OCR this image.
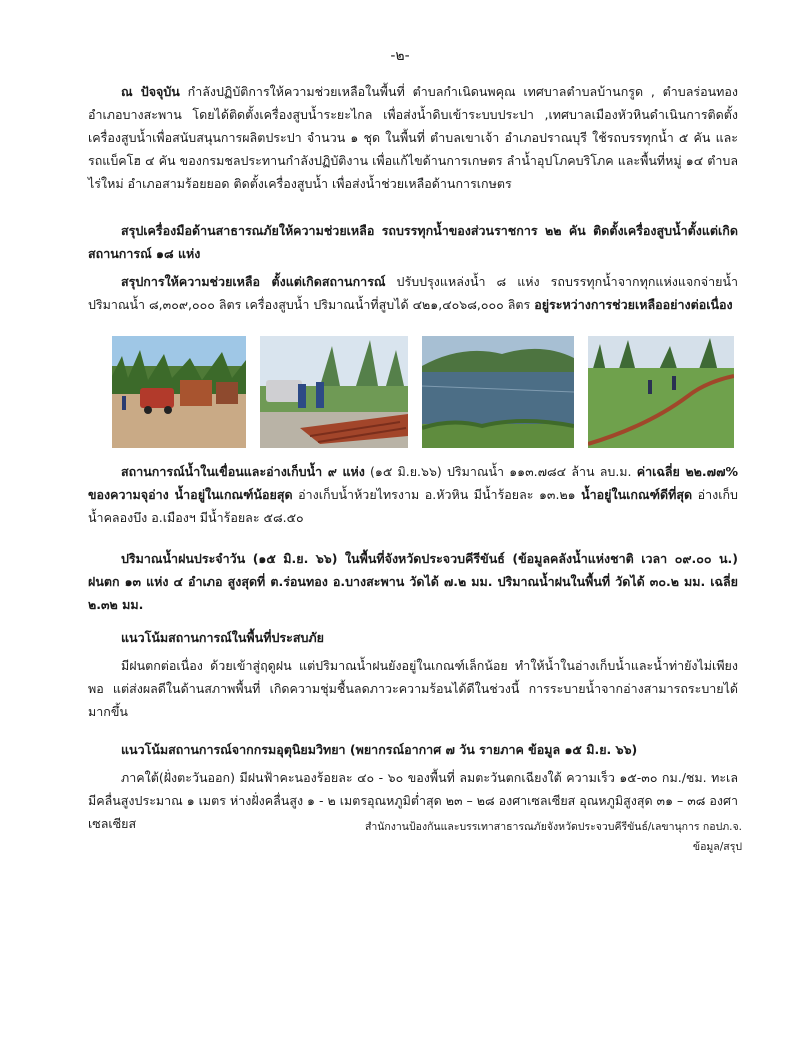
-๒-

ณ ปัจจุบัน กำลังปฏิบัติการให้ความช่วยเหลือในพื้นที่ ตำบลกำเนิดนพคุณ เทศบาลตำบลบ้านกรูด , ตำบลร่อนทอง อำเภอบางสะพาน โดยได้ติดตั้งเครื่องสูบน้ำระยะไกล เพื่อส่งน้ำดิบเข้าระบบประปา ,เทศบาลเมืองหัวหินดำเนินการติดตั้งเครื่องสูบน้ำเพื่อสนับสนุนการผลิตประปา จำนวน ๑ ชุด ในพื้นที่ ตำบลเขาเจ้า อำเภอปราณบุรี ใช้รถบรรทุกน้ำ ๕ คัน และรถแบ็คโฮ ๔ คัน ของกรมชลประทานกำลังปฏิบัติงาน เพื่อแก้ไขด้านการเกษตร ลำน้ำอุปโภคบริโภค และพื้นที่หมู่ ๑๔ ตำบลไร่ใหม่ อำเภอสามร้อยยอด ติดตั้งเครื่องสูบน้ำ เพื่อส่งน้ำช่วยเหลือด้านการเกษตร

สรุปเครื่องมือด้านสาธารณภัยให้ความช่วยเหลือ รถบรรทุกน้ำของส่วนราชการ ๒๒ คัน ติดตั้งเครื่องสูบน้ำตั้งแต่เกิดสถานการณ์ ๑๘ แห่ง

สรุปการให้ความช่วยเหลือ ตั้งแต่เกิดสถานการณ์ ปรับปรุงแหล่งน้ำ ๘ แห่ง รถบรรทุกน้ำจากทุกแห่งแจกจ่ายน้ำปริมาณน้ำ ๘,๓๐๙,๐๐๐ ลิตร เครื่องสูบน้ำ ปริมาณน้ำที่สูบได้ ๔๒๑,๔๐๖๘,๐๐๐ ลิตร อยู่ระหว่างการช่วยเหลืออย่างต่อเนื่อง

สถานการณ์น้ำในเขื่อนและอ่างเก็บน้ำ ๙ แห่ง (๑๕ มิ.ย.๖๖) ปริมาณน้ำ ๑๑๓.๗๘๔ ล้าน ลบ.ม. ค่าเฉลี่ย ๒๒.๗๗% ของความจุอ่าง น้ำอยู่ในเกณฑ์น้อยสุด อ่างเก็บน้ำห้วยไทรงาม อ.หัวหิน มีน้ำร้อยละ ๑๓.๒๑ น้ำอยู่ในเกณฑ์ดีที่สุด อ่างเก็บน้ำคลองบึง อ.เมืองฯ มีน้ำร้อยละ ๕๘.๕๐

ปริมาณน้ำฝนประจำวัน (๑๕ มิ.ย. ๖๖) ในพื้นที่จังหวัดประจวบคีรีขันธ์ (ข้อมูลคลังน้ำแห่งชาติ เวลา ๐๙.๐๐ น.) ฝนตก ๑๓ แห่ง ๔ อำเภอ สูงสุดที่ ต.ร่อนทอง อ.บางสะพาน วัดได้ ๗.๒ มม. ปริมาณน้ำฝนในพื้นที่ วัดได้ ๓๐.๒ มม. เฉลี่ย ๒.๓๒ มม.

แนวโน้มสถานการณ์ในพื้นที่ประสบภัย

มีฝนตกต่อเนื่อง ด้วยเข้าสู่ฤดูฝน แต่ปริมาณน้ำฝนยังอยู่ในเกณฑ์เล็กน้อย ทำให้น้ำในอ่างเก็บน้ำและน้ำท่ายังไม่เพียงพอ แต่ส่งผลดีในด้านสภาพพื้นที่ เกิดความชุ่มชื้นลดภาวะความร้อนได้ดีในช่วงนี้ การระบายน้ำจากอ่างสามารถระบายได้มากขึ้น

แนวโน้มสถานการณ์จากกรมอุตุนิยมวิทยา (พยากรณ์อากาศ ๗ วัน รายภาค ข้อมูล ๑๕ มิ.ย. ๖๖)

ภาคใต้(ฝั่งตะวันออก) มีฝนฟ้าคะนองร้อยละ ๔๐ - ๖๐ ของพื้นที่ ลมตะวันตกเฉียงใต้ ความเร็ว ๑๕-๓๐ กม./ชม. ทะเลมีคลื่นสูงประมาณ ๑ เมตร ห่างฝั่งคลื่นสูง ๑ - ๒ เมตรอุณหภูมิต่ำสุด ๒๓ – ๒๘ องศาเซลเซียส อุณหภูมิสูงสุด ๓๑ – ๓๘ องศาเซลเซียส	สำนักงานป้องกันและบรรเทาสาธารณภัยจังหวัดประจวบคีรีขันธ์/เลขานุการ กอปภ.จ.
ข้อมูล/สรุป
